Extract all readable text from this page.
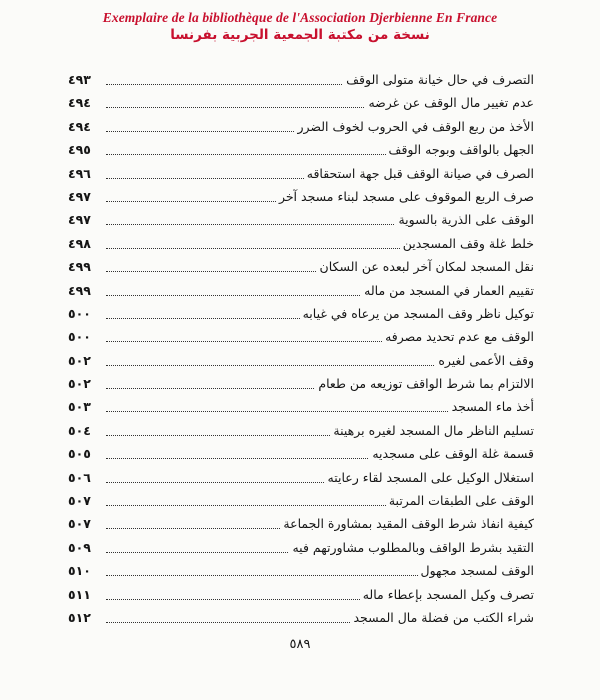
Exemplaire de la bibliothèque de l'Association Djerbienne En France
نسخة من مكتبة الجمعية الجربية بفرنسا
التصرف في حال خيانة متولى الوقف
٤٩٣
عدم تغيير مال الوقف عن غرضه
٤٩٤
الأخذ من ربع الوقف في الحروب لخوف الضرر
٤٩٤
الجهل بالواقف وبوجه الوقف
٤٩٥
الصرف في صيانة الوقف قبل جهة استحقاقه
٤٩٦
صرف الربع الموقوف على مسجد لبناء مسجد آخر
٤٩٧
الوقف على الذرية بالسوية
٤٩٧
خلط غلة وقف المسجدين
٤٩٨
نقل المسجد لمكان آخر لبعده عن السكان
٤٩٩
تقييم العمار في المسجد من ماله
٤٩٩
توكيل ناظر وقف المسجد من يرعاه في غيابه
٥٠٠
الوقف مع عدم تحديد مصرفه
٥٠٠
وقف الأعمى لغيره
٥٠٢
الالتزام بما شرط الواقف توزيعه من طعام
٥٠٢
أخذ ماء المسجد
٥٠٣
تسليم الناظر مال المسجد لغيره برهينة
٥٠٤
قسمة غلة الوقف على مسجديه
٥٠٥
استغلال الوكيل على المسجد لقاء رعايته
٥٠٦
الوقف على الطبقات المرتبة
٥٠٧
كيفية انفاذ شرط الوقف المقيد بمشاورة الجماعة
٥٠٧
التقيد بشرط الواقف وبالمطلوب مشاورتهم فيه
٥٠٩
الوقف لمسجد مجهول
٥١٠
تصرف وكيل المسجد بإعطاء ماله
٥١١
شراء الكتب من فضلة مال المسجد
٥١٢
٥٨٩
